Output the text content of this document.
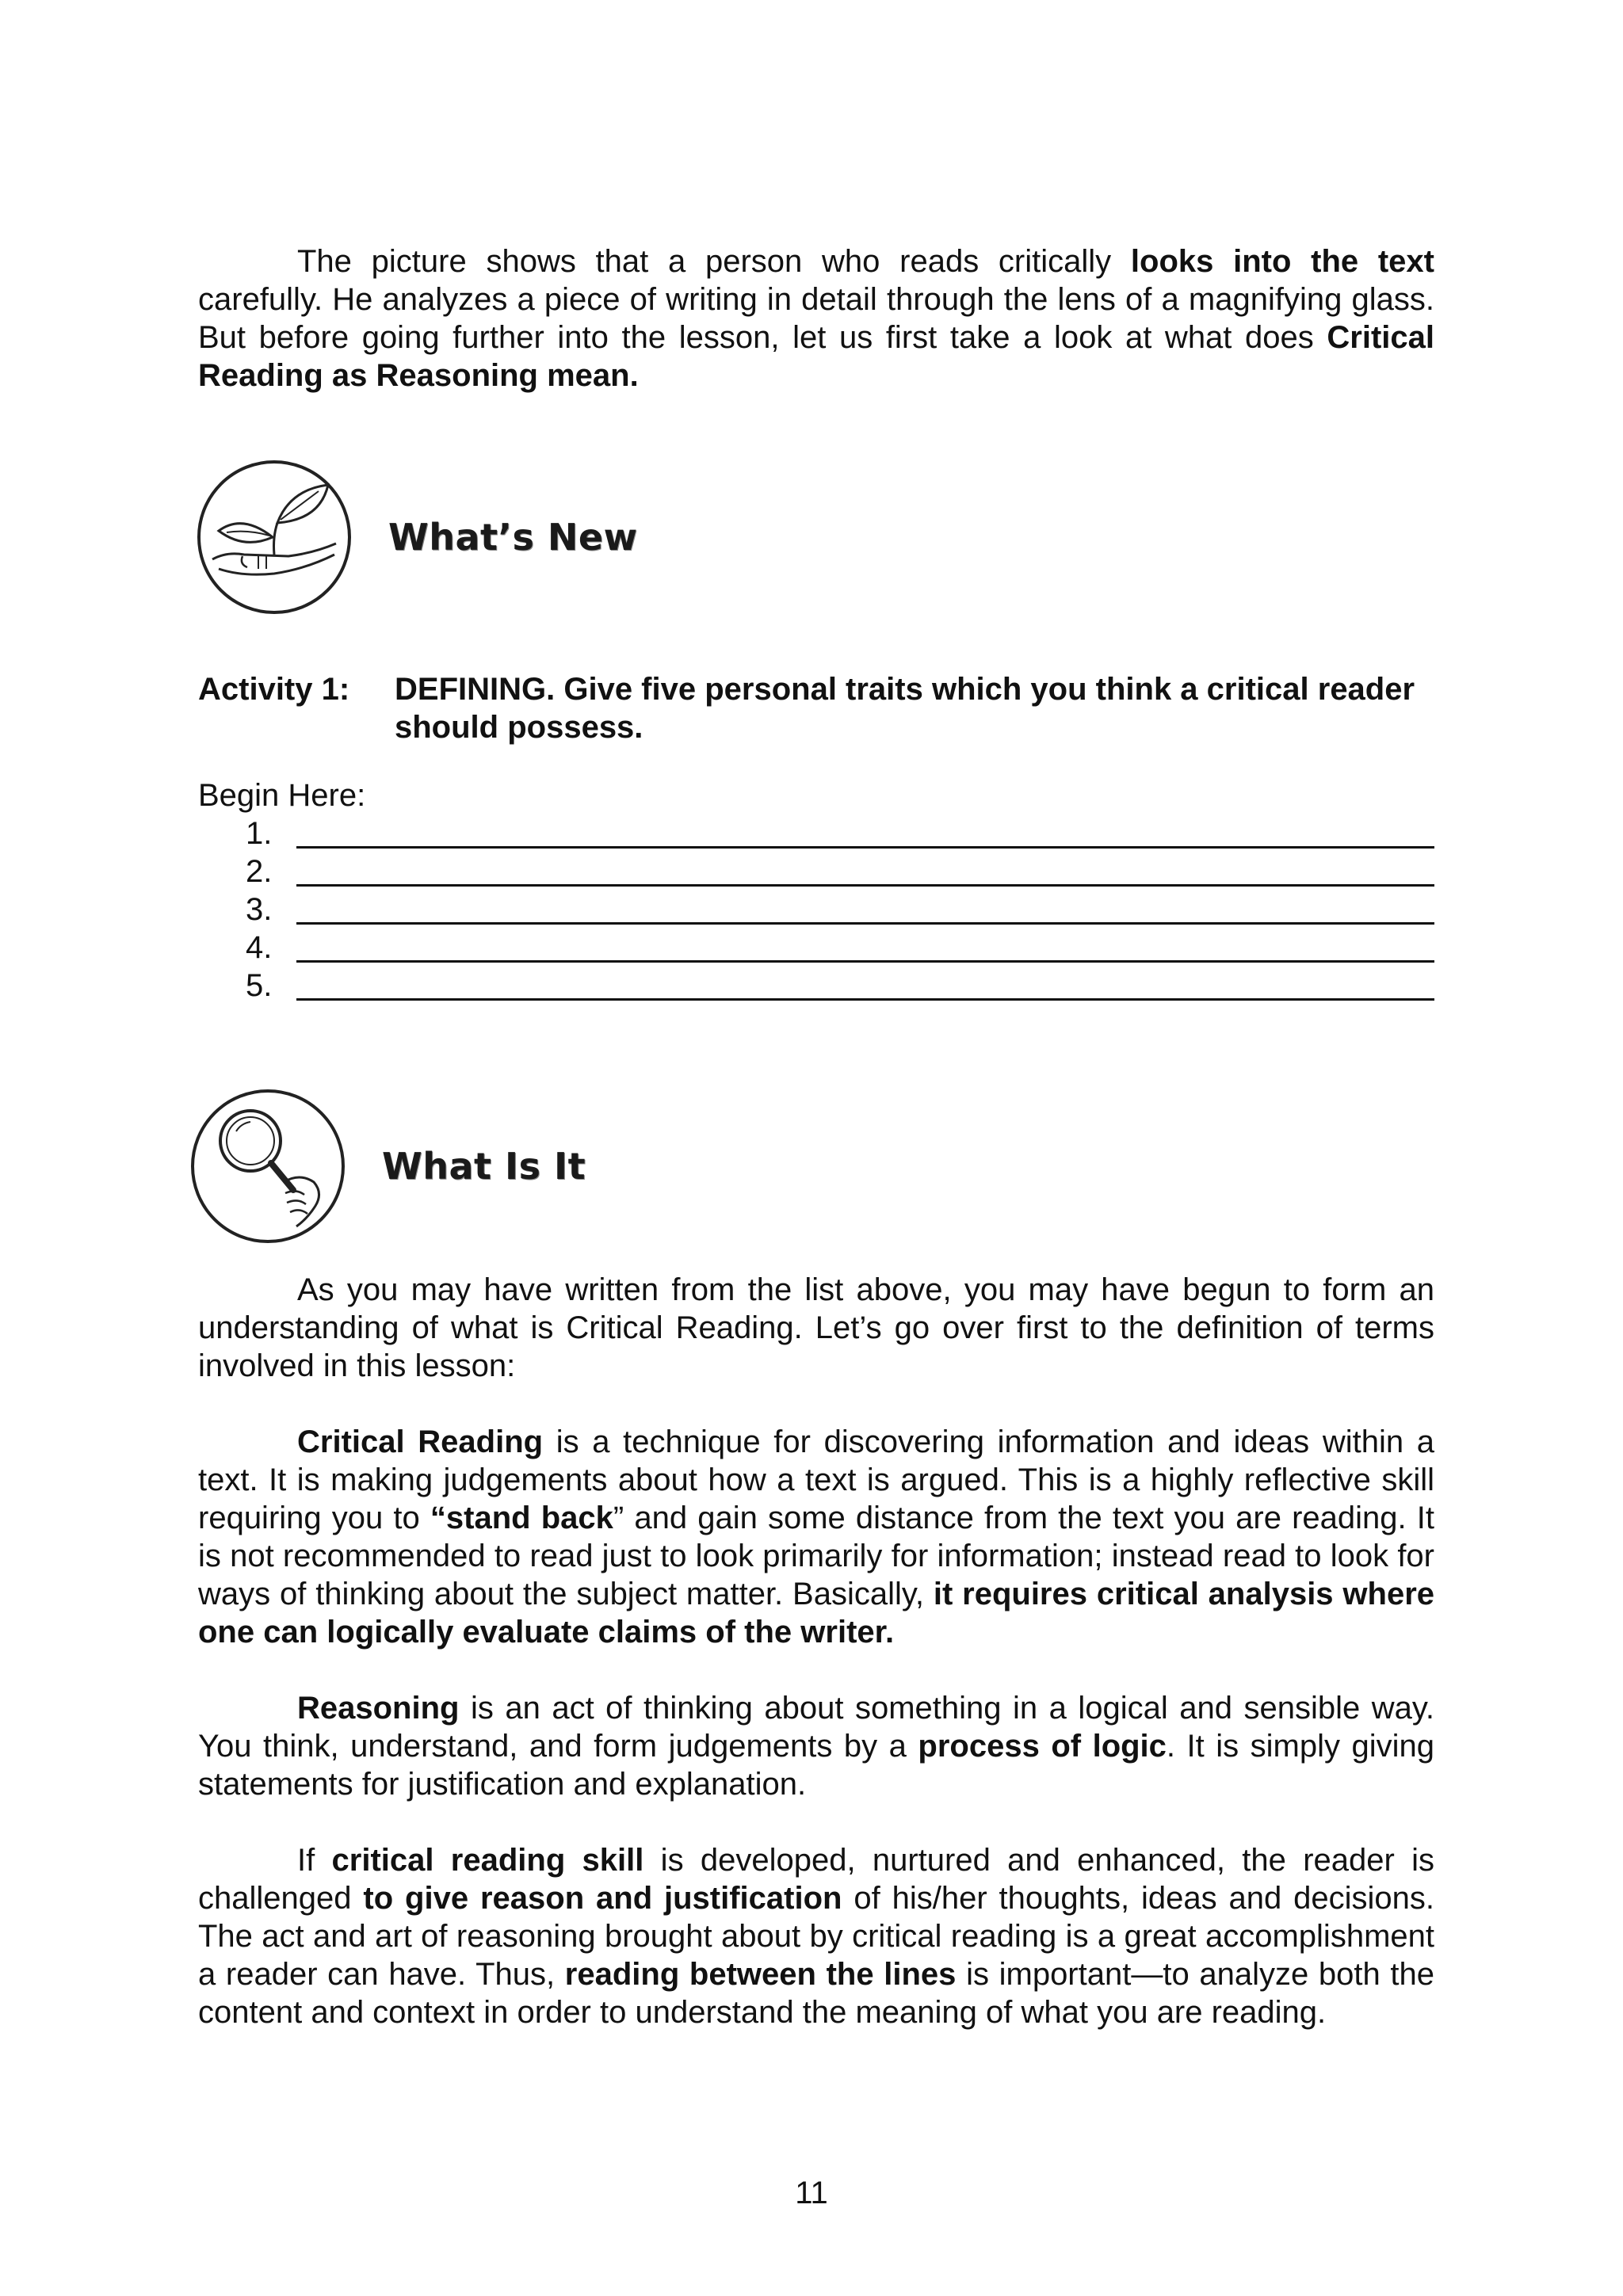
The picture shows that a person who reads critically looks into the text carefully. He analyzes a piece of writing in detail through the lens of a magnifying glass. But before going further into the lesson, let us first take a look at what does Critical Reading as Reasoning mean.

What’s New
Activity 1: DEFINING. Give five personal traits which you think a critical reader should possess.
Begin Here:
1.
2.
3.
4.
5.
What Is It

As you may have written from the list above, you may have begun to form an understanding of what is Critical Reading. Let’s go over first to the definition of terms involved in this lesson:

Critical Reading is a technique for discovering information and ideas within a text. It is making judgements about how a text is argued. This is a highly reflective skill requiring you to “stand back” and gain some distance from the text you are reading. It is not recommended to read just to look primarily for information; instead read to look for ways of thinking about the subject matter. Basically, it requires critical analysis where one can logically evaluate claims of the writer.

Reasoning is an act of thinking about something in a logical and sensible way. You think, understand, and form judgements by a process of logic. It is simply giving statements for justification and explanation.

If critical reading skill is developed, nurtured and enhanced, the reader is challenged to give reason and justification of his/her thoughts, ideas and decisions. The act and art of reasoning brought about by critical reading is a great accomplishment a reader can have. Thus, reading between the lines is important—to analyze both the content and context in order to understand the meaning of what you are reading.

11
